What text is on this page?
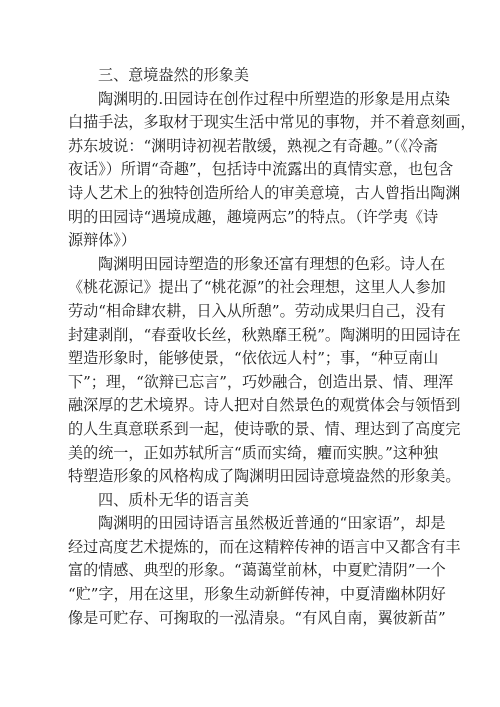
三、意境盎然的形象美
陶渊明的.田园诗在创作过程中所塑造的形象是用点染
白描手法，多取材于现实生活中常见的事物，并不着意刻画，
苏东坡说：“渊明诗初视若散缓，熟视之有奇趣。”（《冷斋
夜话》）所谓“奇趣”，包括诗中流露出的真情实意，也包含
诗人艺术上的独特创造所给人的审美意境，古人曾指出陶渊
明的田园诗“遇境成趣，趣境两忘”的特点。（许学夷《诗
源辩体》）
陶渊明田园诗塑造的形象还富有理想的色彩。诗人在
《桃花源记》提出了“桃花源”的社会理想，这里人人参加
劳动“相命肆农耕，日入从所憩”。劳动成果归自己，没有
封建剥削，“春蚕收长丝，秋熟靡王税”。陶渊明的田园诗在
塑造形象时，能够使景，“依依远人村”；事，“种豆南山
下”；理，“欲辩已忘言”，巧妙融合，创造出景、情、理浑
融深厚的艺术境界。诗人把对自然景色的观赏体会与领悟到
的人生真意联系到一起，使诗歌的景、情、理达到了高度完
美的统一，正如苏轼所言“质而实绮，癯而实腴。”这种独
特塑造形象的风格构成了陶渊明田园诗意境盎然的形象美。
四、质朴无华的语言美
陶渊明的田园诗语言虽然极近普通的“田家语”，却是
经过高度艺术提炼的，而在这精粹传神的语言中又都含有丰
富的情感、典型的形象。“蔼蔼堂前林，中夏贮清阴”一个
“贮”字，用在这里，形象生动新鲜传神，中夏清幽林阴好
像是可贮存、可掬取的一泓清泉。“有风自南，翼彼新苗”
